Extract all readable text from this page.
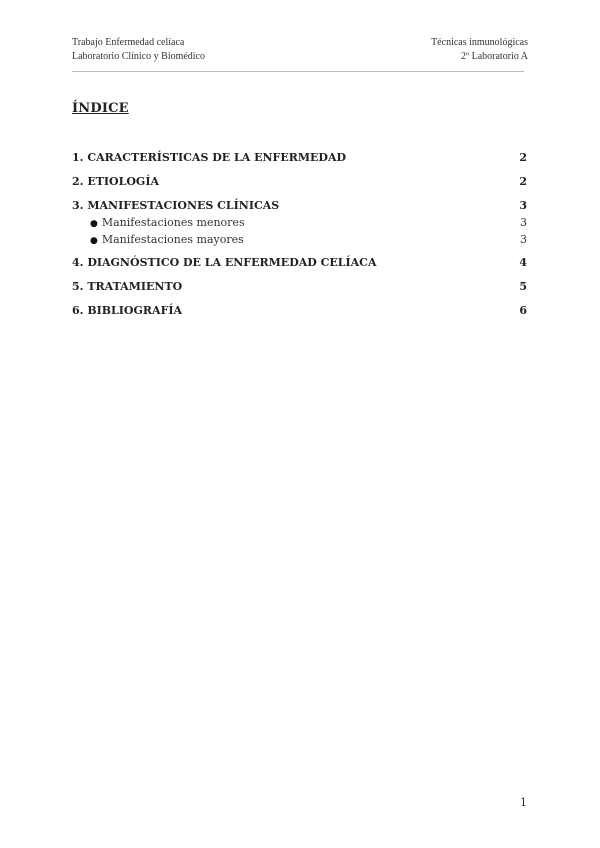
Trabajo Enfermedad celíaca	Técnicas inmunológicas
Laboratorio Clínico y Biomédico	2º Laboratorio A
ÍNDICE
1. CARACTERÍSTICAS DE LA ENFERMEDAD	2
2. ETIOLOGÍA	2
3. MANIFESTACIONES CLÍNICAS	3
● Manifestaciones menores	3
● Manifestaciones mayores	3
4. DIAGNÓSTICO DE LA ENFERMEDAD CELÍACA	4
5. TRATAMIENTO	5
6. BIBLIOGRAFÍA	6
1
